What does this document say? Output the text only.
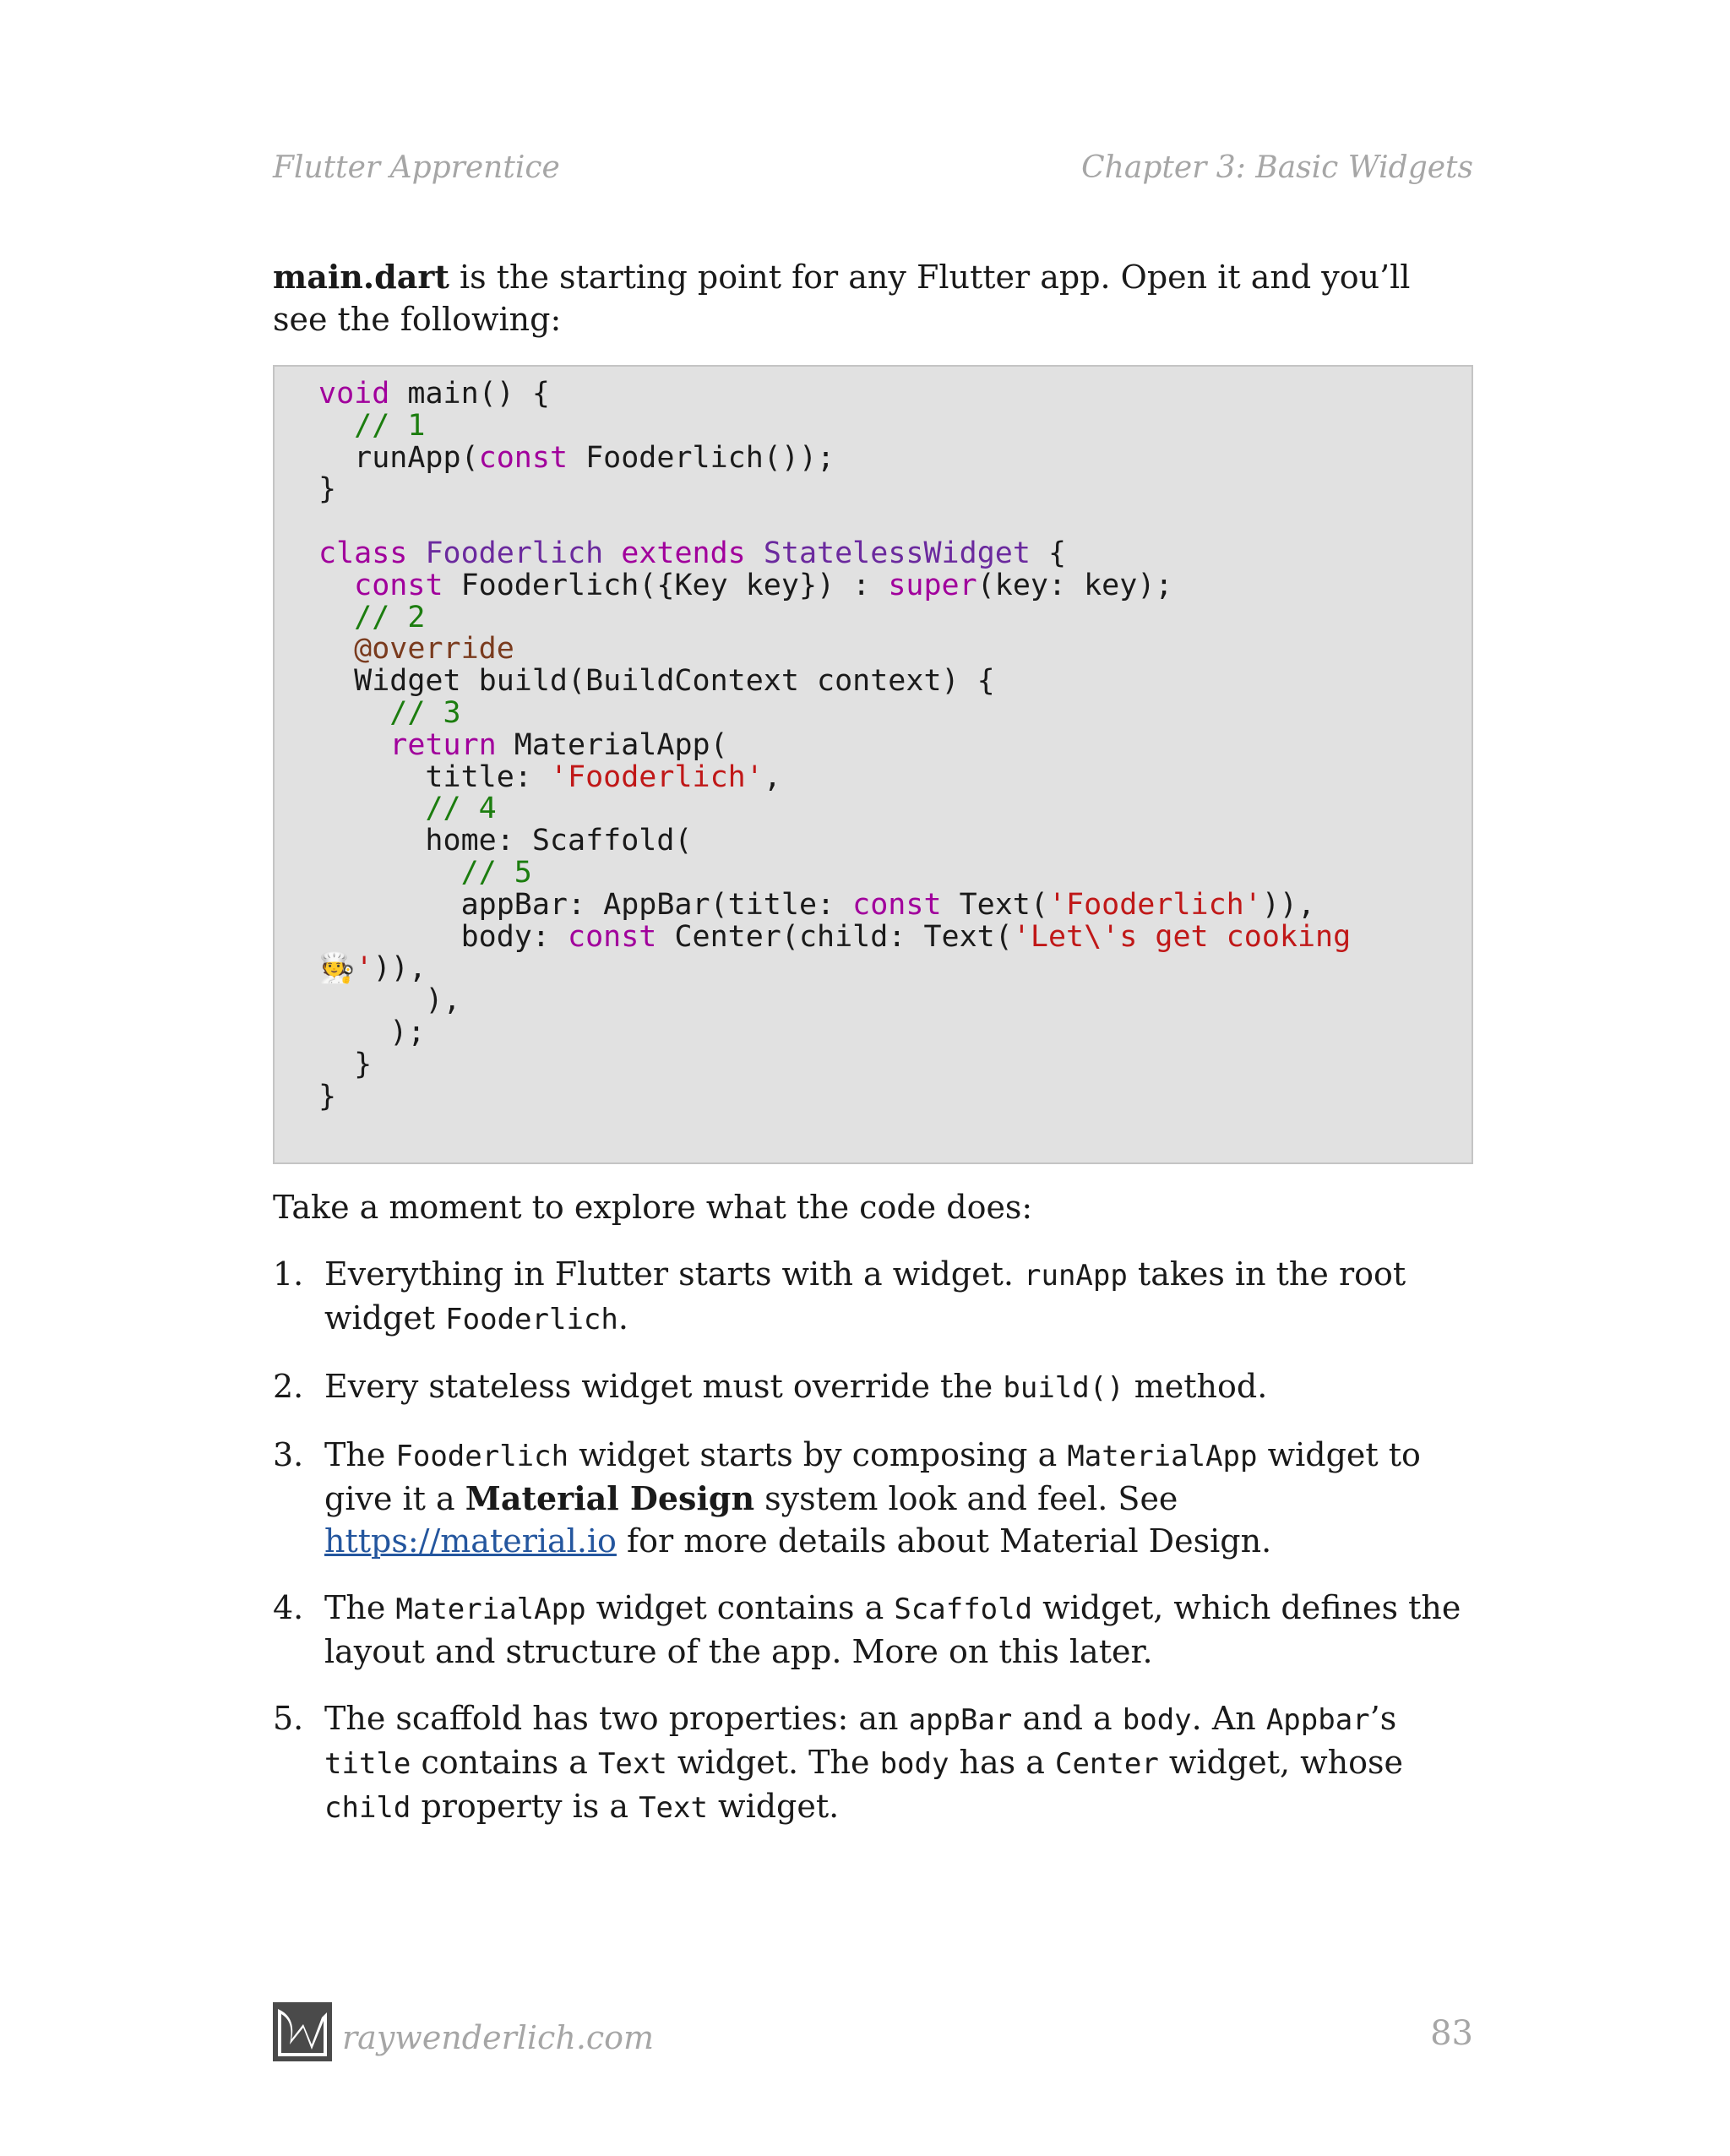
Flutter Apprentice	Chapter 3: Basic Widgets

main.dart is the starting point for any Flutter app. Open it and you’ll see the following:

void main() {
// 1
runApp(const Fooderlich());
}

class Fooderlich extends StatelessWidget {
const Fooderlich({Key key}) : super(key: key);
// 2
@override
Widget build(BuildContext context) {
// 3
return MaterialApp(
title: 'Fooderlich',
// 4
home: Scaffold(
// 5
appBar: AppBar(title: const Text('Fooderlich')),
body: const Center(child: Text('Let\'s get cooking
🧑‍🍳')),
),
);
}
}

Take a moment to explore what the code does:

1. Everything in Flutter starts with a widget. runApp takes in the root widget Fooderlich.
2. Every stateless widget must override the build() method.
3. The Fooderlich widget starts by composing a MaterialApp widget to give it a Material Design system look and feel. See https://material.io for more details about Material Design.
4. The MaterialApp widget contains a Scaffold widget, which defines the layout and structure of the app. More on this later.
5. The scaffold has two properties: an appBar and a body. An Appbar’s title contains a Text widget. The body has a Center widget, whose child property is a Text widget.
raywenderlich.com	83
